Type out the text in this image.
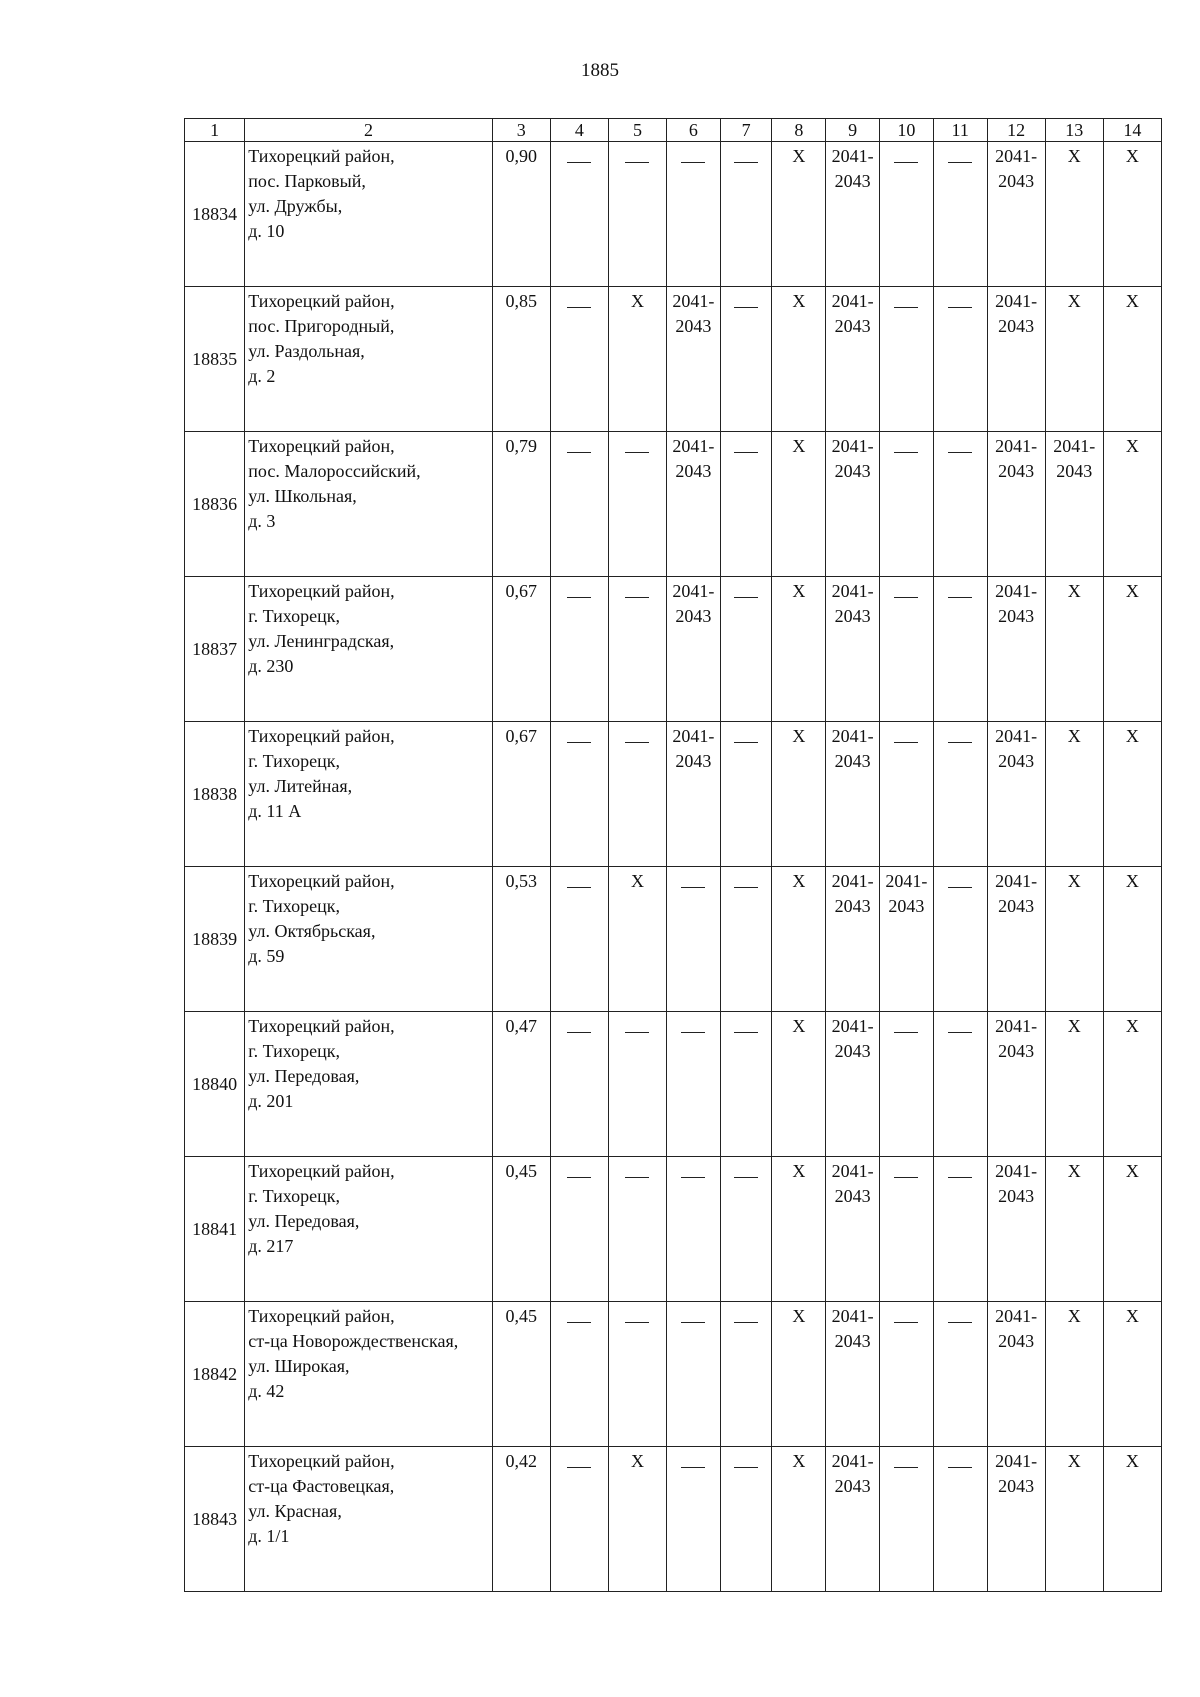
1885
1	2	3	4	5	6	7	8	9	10	11	12	13	14
18834	Тихорецкий район,
пос. Парковый,
ул. Дружбы,
д. 10	0,90					Х	2041-
2043			2041-
2043	Х	Х

18835	Тихорецкий район,
пос. Пригородный,
ул. Раздольная,
д. 2	0,85		Х	2041-
2043		Х	2041-
2043			2041-
2043	Х	Х

18836	Тихорецкий район,
пос. Малороссийский,
ул. Школьная,
д. 3	0,79			2041-
2043		Х	2041-
2043			2041-
2043	2041-
2043	Х

18837	Тихорецкий район,
г. Тихорецк,
ул. Ленинградская,
д. 230	0,67			2041-
2043		Х	2041-
2043			2041-
2043	Х	Х

18838	Тихорецкий район,
г. Тихорецк,
ул. Литейная,
д. 11 А	0,67			2041-
2043		Х	2041-
2043			2041-
2043	Х	Х

18839	Тихорецкий район,
г. Тихорецк,
ул. Октябрьская,
д. 59	0,53		Х			Х	2041-
2043	2041-
2043		2041-
2043	Х	Х

18840	Тихорецкий район,
г. Тихорецк,
ул. Передовая,
д. 201	0,47					Х	2041-
2043			2041-
2043	Х	Х

18841	Тихорецкий район,
г. Тихорецк,
ул. Передовая,
д. 217	0,45					Х	2041-
2043			2041-
2043	Х	Х

18842	Тихорецкий район,
ст-ца Новорождественская,
ул. Широкая,
д. 42	0,45					Х	2041-
2043			2041-
2043	Х	Х

18843	Тихорецкий район,
ст-ца Фастовецкая,
ул. Красная,
д. 1/1	0,42		Х			Х	2041-
2043			2041-
2043	Х	Х
